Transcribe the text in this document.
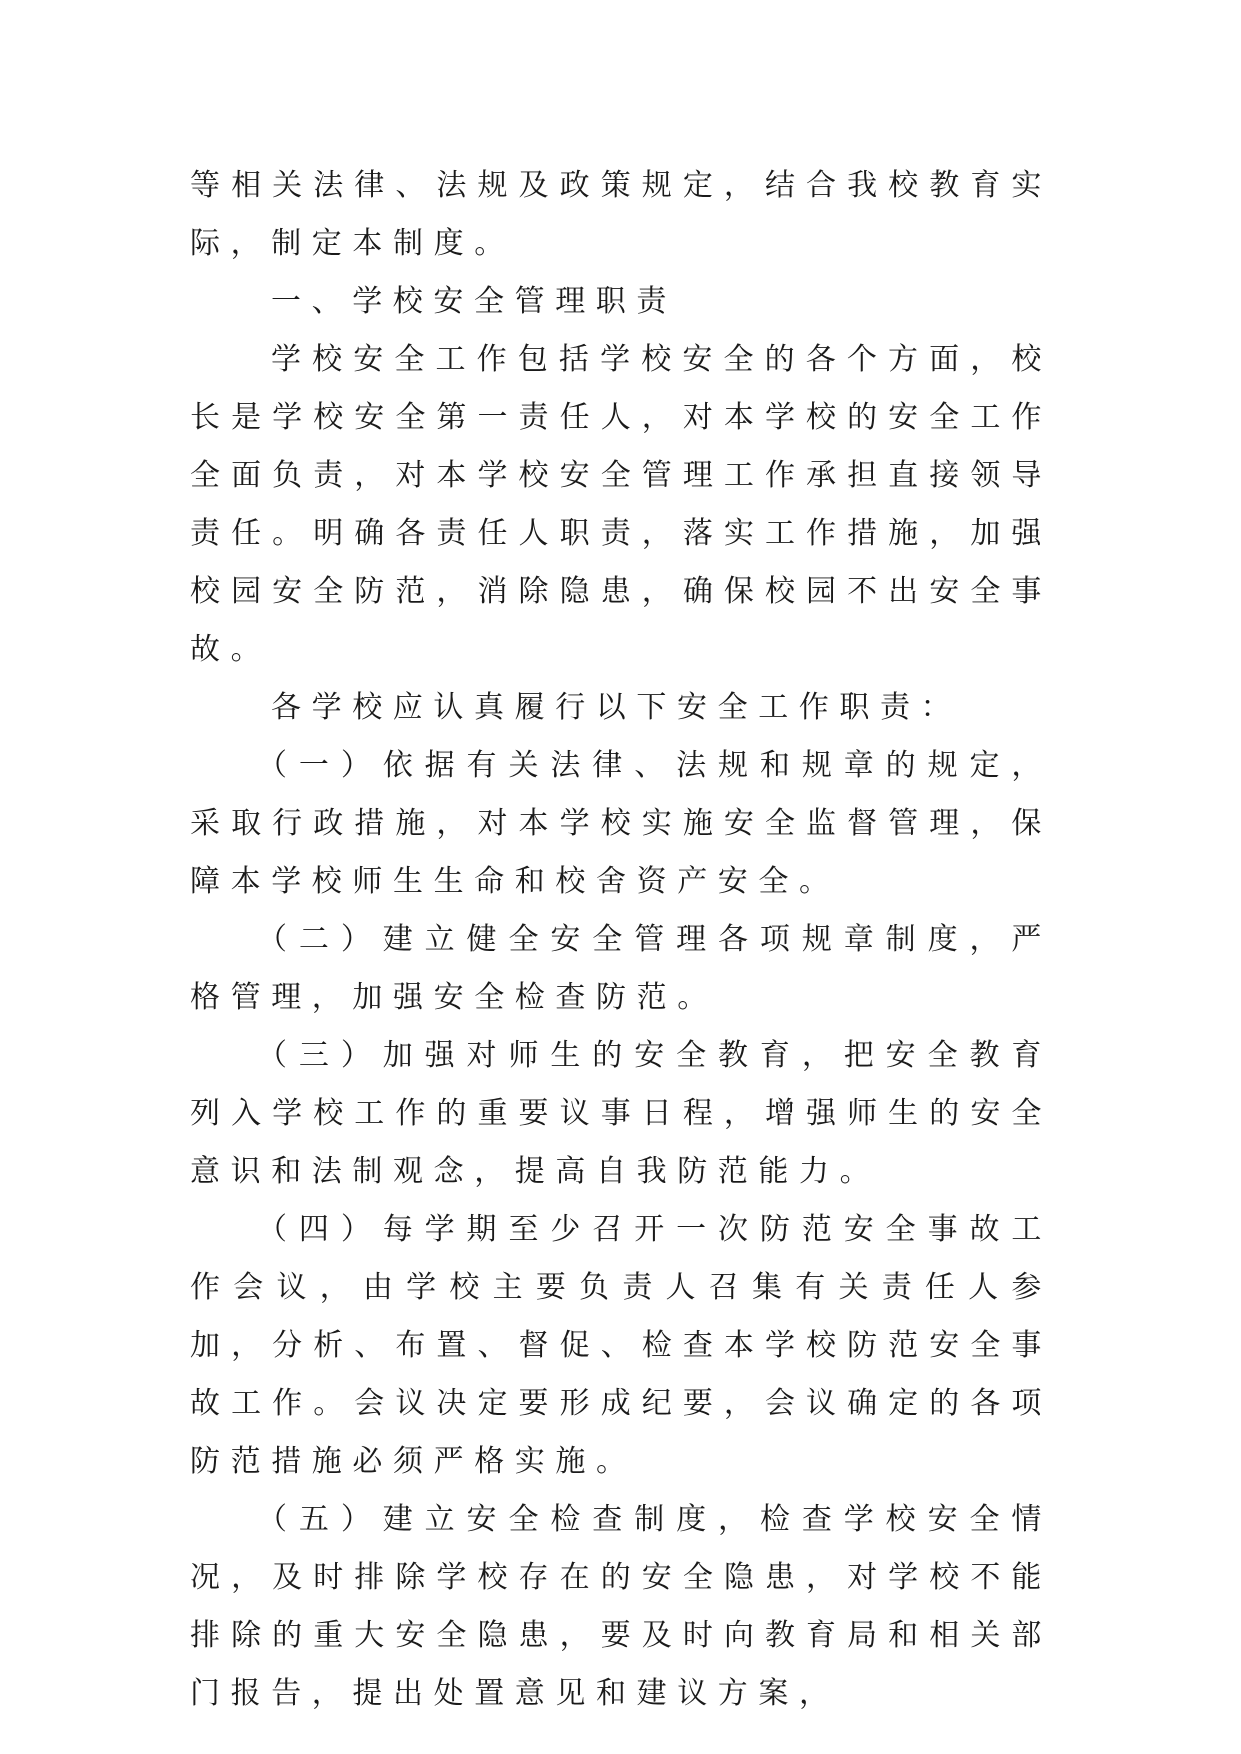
等相关法律、法规及政策规定，结合我校教育实际，制定本制度。

一、学校安全管理职责

学校安全工作包括学校安全的各个方面，校长是学校安全第一责任人，对本学校的安全工作全面负责，对本学校安全管理工作承担直接领导责任。明确各责任人职责，落实工作措施，加强校园安全防范，消除隐患，确保校园不出安全事故。

各学校应认真履行以下安全工作职责：

（一）依据有关法律、法规和规章的规定，采取行政措施，对本学校实施安全监督管理，保障本学校师生生命和校舍资产安全。

（二）建立健全安全管理各项规章制度，严格管理，加强安全检查防范。

（三）加强对师生的安全教育，把安全教育列入学校工作的重要议事日程，增强师生的安全意识和法制观念，提高自我防范能力。

（四）每学期至少召开一次防范安全事故工作会议，由学校主要负责人召集有关责任人参加，分析、布置、督促、检查本学校防范安全事故工作。会议决定要形成纪要，会议确定的各项防范措施必须严格实施。

（五）建立安全检查制度，检查学校安全情况，及时排除学校存在的安全隐患，对学校不能排除的重大安全隐患，要及时向教育局和相关部门报告，提出处置意见和建议方案，
